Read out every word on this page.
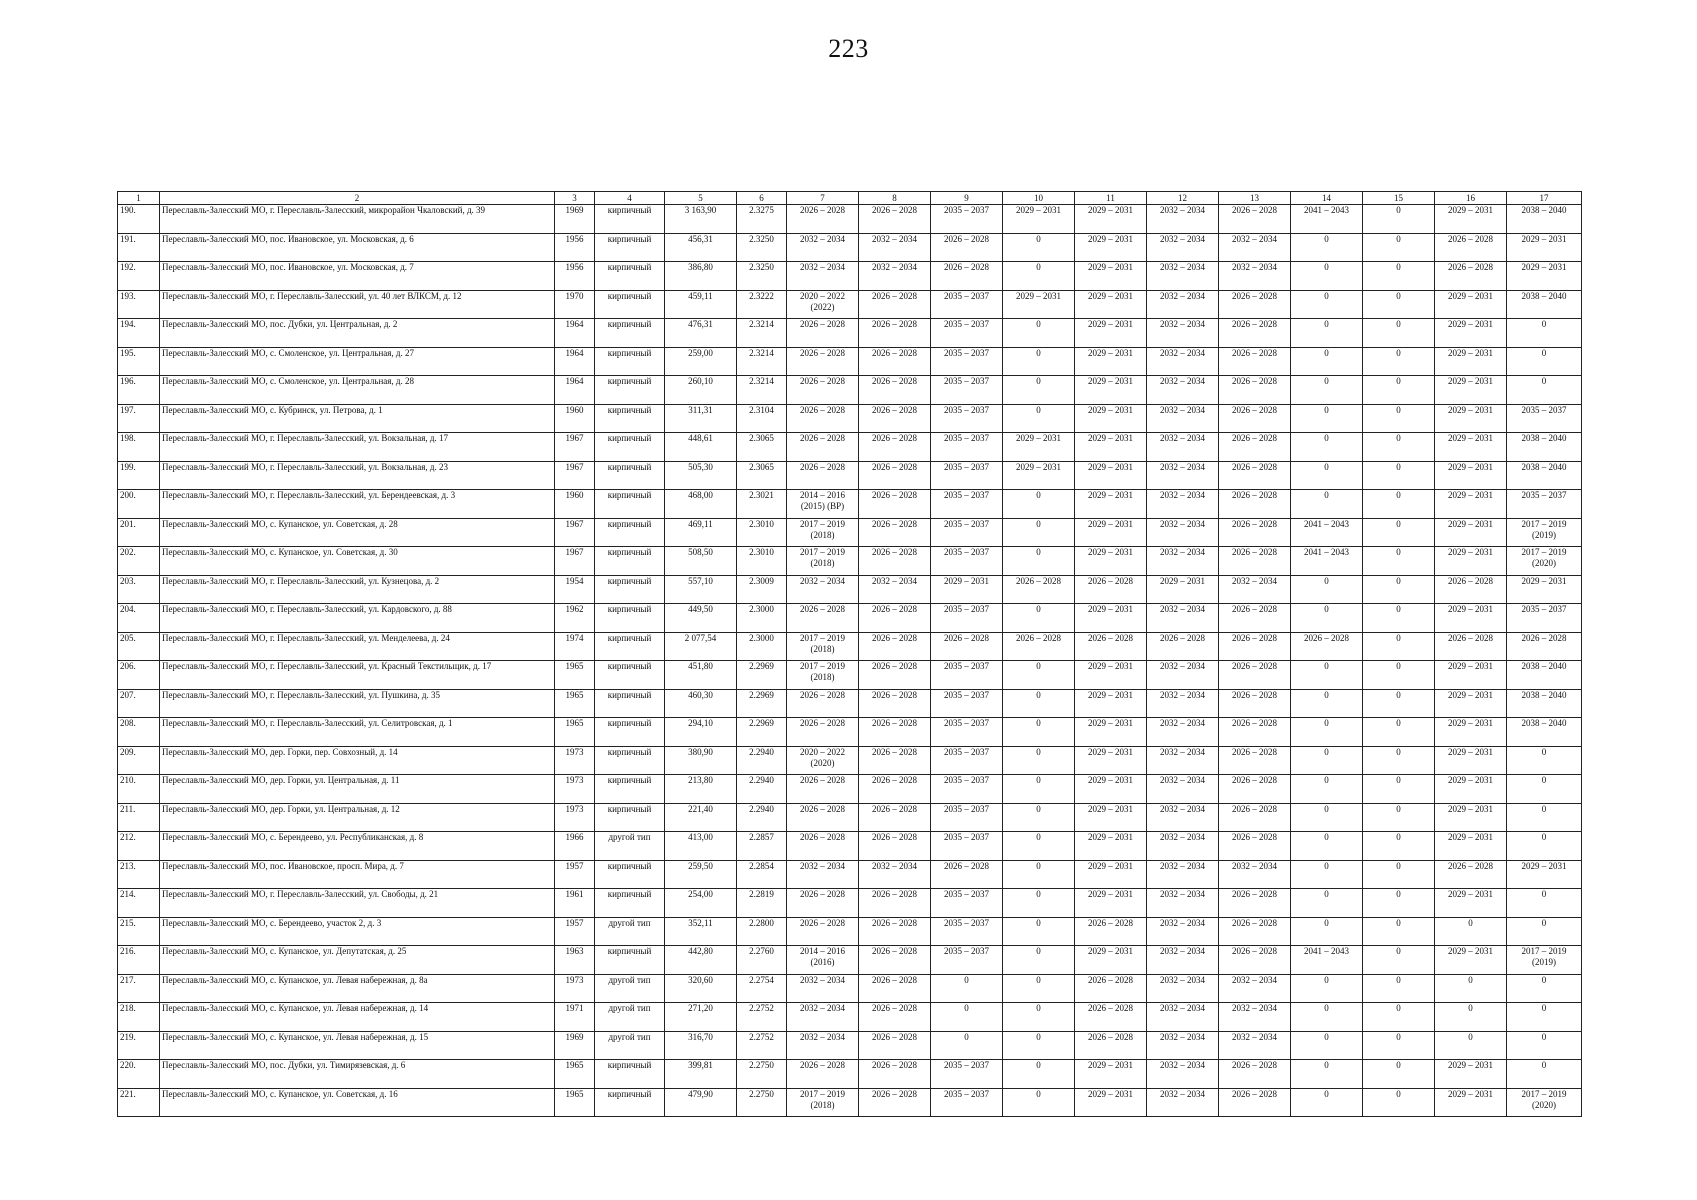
223
1	2	3	4	5	6	7	8	9	10	11	12	13	14	15	16	17
190.	Переславль-Залесский МО, г. Переславль-Залесский, микрорайон Чкаловский, д. 39	1969	кирпичный	3 163,90	2.3275	2026 – 2028	2026 – 2028	2035 – 2037	2029 – 2031	2029 – 2031	2032 – 2034	2026 – 2028	2041 – 2043	0	2029 – 2031	2038 – 2040
191.	Переславль-Залесский МО, пос. Ивановское, ул. Московская, д. 6	1956	кирпичный	456,31	2.3250	2032 – 2034	2032 – 2034	2026 – 2028	0	2029 – 2031	2032 – 2034	2032 – 2034	0	0	2026 – 2028	2029 – 2031
192.	Переславль-Залесский МО, пос. Ивановское, ул. Московская, д. 7	1956	кирпичный	386,80	2.3250	2032 – 2034	2032 – 2034	2026 – 2028	0	2029 – 2031	2032 – 2034	2032 – 2034	0	0	2026 – 2028	2029 – 2031
193.	Переславль-Залесский МО, г. Переславль-Залесский, ул. 40 лет ВЛКСМ, д. 12	1970	кирпичный	459,11	2.3222	2020 – 2022 (2022)	2026 – 2028	2035 – 2037	2029 – 2031	2029 – 2031	2032 – 2034	2026 – 2028	0	0	2029 – 2031	2038 – 2040
194.	Переславль-Залесский МО, пос. Дубки, ул. Центральная, д. 2	1964	кирпичный	476,31	2.3214	2026 – 2028	2026 – 2028	2035 – 2037	0	2029 – 2031	2032 – 2034	2026 – 2028	0	0	2029 – 2031	0
195.	Переславль-Залесский МО, с. Смоленское, ул. Центральная, д. 27	1964	кирпичный	259,00	2.3214	2026 – 2028	2026 – 2028	2035 – 2037	0	2029 – 2031	2032 – 2034	2026 – 2028	0	0	2029 – 2031	0
196.	Переславль-Залесский МО, с. Смоленское, ул. Центральная, д. 28	1964	кирпичный	260,10	2.3214	2026 – 2028	2026 – 2028	2035 – 2037	0	2029 – 2031	2032 – 2034	2026 – 2028	0	0	2029 – 2031	0
197.	Переславль-Залесский МО, с. Кубринск, ул. Петрова, д. 1	1960	кирпичный	311,31	2.3104	2026 – 2028	2026 – 2028	2035 – 2037	0	2029 – 2031	2032 – 2034	2026 – 2028	0	0	2029 – 2031	2035 – 2037
198.	Переславль-Залесский МО, г. Переславль-Залесский, ул. Вокзальная, д. 17	1967	кирпичный	448,61	2.3065	2026 – 2028	2026 – 2028	2035 – 2037	2029 – 2031	2029 – 2031	2032 – 2034	2026 – 2028	0	0	2029 – 2031	2038 – 2040
199.	Переславль-Залесский МО, г. Переславль-Залесский, ул. Вокзальная, д. 23	1967	кирпичный	505,30	2.3065	2026 – 2028	2026 – 2028	2035 – 2037	2029 – 2031	2029 – 2031	2032 – 2034	2026 – 2028	0	0	2029 – 2031	2038 – 2040
200.	Переславль-Залесский МО, г. Переславль-Залесский, ул. Берендеевская, д. 3	1960	кирпичный	468,00	2.3021	2014 – 2016 (2015) (ВР)	2026 – 2028	2035 – 2037	0	2029 – 2031	2032 – 2034	2026 – 2028	0	0	2029 – 2031	2035 – 2037
201.	Переславль-Залесский МО, с. Купанское, ул. Советская, д. 28	1967	кирпичный	469,11	2.3010	2017 – 2019 (2018)	2026 – 2028	2035 – 2037	0	2029 – 2031	2032 – 2034	2026 – 2028	2041 – 2043	0	2029 – 2031	2017 – 2019 (2019)
202.	Переславль-Залесский МО, с. Купанское, ул. Советская, д. 30	1967	кирпичный	508,50	2.3010	2017 – 2019 (2018)	2026 – 2028	2035 – 2037	0	2029 – 2031	2032 – 2034	2026 – 2028	2041 – 2043	0	2029 – 2031	2017 – 2019 (2020)
203.	Переславль-Залесский МО, г. Переславль-Залесский, ул. Кузнецова, д. 2	1954	кирпичный	557,10	2.3009	2032 – 2034	2032 – 2034	2029 – 2031	2026 – 2028	2026 – 2028	2029 – 2031	2032 – 2034	0	0	2026 – 2028	2029 – 2031
204.	Переславль-Залесский МО, г. Переславль-Залесский, ул. Кардовского, д. 88	1962	кирпичный	449,50	2.3000	2026 – 2028	2026 – 2028	2035 – 2037	0	2029 – 2031	2032 – 2034	2026 – 2028	0	0	2029 – 2031	2035 – 2037
205.	Переславль-Залесский МО, г. Переславль-Залесский, ул. Менделеева, д. 24	1974	кирпичный	2 077,54	2.3000	2017 – 2019 (2018)	2026 – 2028	2026 – 2028	2026 – 2028	2026 – 2028	2026 – 2028	2026 – 2028	2026 – 2028	0	2026 – 2028	2026 – 2028
206.	Переславль-Залесский МО, г. Переславль-Залесский, ул. Красный Текстильщик, д. 17	1965	кирпичный	451,80	2.2969	2017 – 2019 (2018)	2026 – 2028	2035 – 2037	0	2029 – 2031	2032 – 2034	2026 – 2028	0	0	2029 – 2031	2038 – 2040
207.	Переславль-Залесский МО, г. Переславль-Залесский, ул. Пушкина, д. 35	1965	кирпичный	460,30	2.2969	2026 – 2028	2026 – 2028	2035 – 2037	0	2029 – 2031	2032 – 2034	2026 – 2028	0	0	2029 – 2031	2038 – 2040
208.	Переславль-Залесский МО, г. Переславль-Залесский, ул. Селитровская, д. 1	1965	кирпичный	294,10	2.2969	2026 – 2028	2026 – 2028	2035 – 2037	0	2029 – 2031	2032 – 2034	2026 – 2028	0	0	2029 – 2031	2038 – 2040
209.	Переславль-Залесский МО, дер. Горки, пер. Совхозный, д. 14	1973	кирпичный	380,90	2.2940	2020 – 2022 (2020)	2026 – 2028	2035 – 2037	0	2029 – 2031	2032 – 2034	2026 – 2028	0	0	2029 – 2031	0
210.	Переславль-Залесский МО, дер. Горки, ул. Центральная, д. 11	1973	кирпичный	213,80	2.2940	2026 – 2028	2026 – 2028	2035 – 2037	0	2029 – 2031	2032 – 2034	2026 – 2028	0	0	2029 – 2031	0
211.	Переславль-Залесский МО, дер. Горки, ул. Центральная, д. 12	1973	кирпичный	221,40	2.2940	2026 – 2028	2026 – 2028	2035 – 2037	0	2029 – 2031	2032 – 2034	2026 – 2028	0	0	2029 – 2031	0
212.	Переславль-Залесский МО, с. Берендеево, ул. Республиканская, д. 8	1966	другой тип	413,00	2.2857	2026 – 2028	2026 – 2028	2035 – 2037	0	2029 – 2031	2032 – 2034	2026 – 2028	0	0	2029 – 2031	0
213.	Переславль-Залесский МО, пос. Ивановское, просп. Мира, д. 7	1957	кирпичный	259,50	2.2854	2032 – 2034	2032 – 2034	2026 – 2028	0	2029 – 2031	2032 – 2034	2032 – 2034	0	0	2026 – 2028	2029 – 2031
214.	Переславль-Залесский МО, г. Переславль-Залесский, ул. Свободы, д. 21	1961	кирпичный	254,00	2.2819	2026 – 2028	2026 – 2028	2035 – 2037	0	2029 – 2031	2032 – 2034	2026 – 2028	0	0	2029 – 2031	0
215.	Переславль-Залесский МО, с. Берендеево, участок 2, д. 3	1957	другой тип	352,11	2.2800	2026 – 2028	2026 – 2028	2035 – 2037	0	2026 – 2028	2032 – 2034	2026 – 2028	0	0	0	0
216.	Переславль-Залесский МО, с. Купанское, ул. Депутатская, д. 25	1963	кирпичный	442,80	2.2760	2014 – 2016 (2016)	2026 – 2028	2035 – 2037	0	2029 – 2031	2032 – 2034	2026 – 2028	2041 – 2043	0	2029 – 2031	2017 – 2019 (2019)
217.	Переславль-Залесский МО, с. Купанское, ул. Левая набережная, д. 8а	1973	другой тип	320,60	2.2754	2032 – 2034	2026 – 2028	0	0	2026 – 2028	2032 – 2034	2032 – 2034	0	0	0	0
218.	Переславль-Залесский МО, с. Купанское, ул. Левая набережная, д. 14	1971	другой тип	271,20	2.2752	2032 – 2034	2026 – 2028	0	0	2026 – 2028	2032 – 2034	2032 – 2034	0	0	0	0
219.	Переславль-Залесский МО, с. Купанское, ул. Левая набережная, д. 15	1969	другой тип	316,70	2.2752	2032 – 2034	2026 – 2028	0	0	2026 – 2028	2032 – 2034	2032 – 2034	0	0	0	0
220.	Переславль-Залесский МО, пос. Дубки, ул. Тимирязевская, д. 6	1965	кирпичный	399,81	2.2750	2026 – 2028	2026 – 2028	2035 – 2037	0	2029 – 2031	2032 – 2034	2026 – 2028	0	0	2029 – 2031	0
221.	Переславль-Залесский МО, с. Купанское, ул. Советская, д. 16	1965	кирпичный	479,90	2.2750	2017 – 2019 (2018)	2026 – 2028	2035 – 2037	0	2029 – 2031	2032 – 2034	2026 – 2028	0	0	2029 – 2031	2017 – 2019 (2020)
